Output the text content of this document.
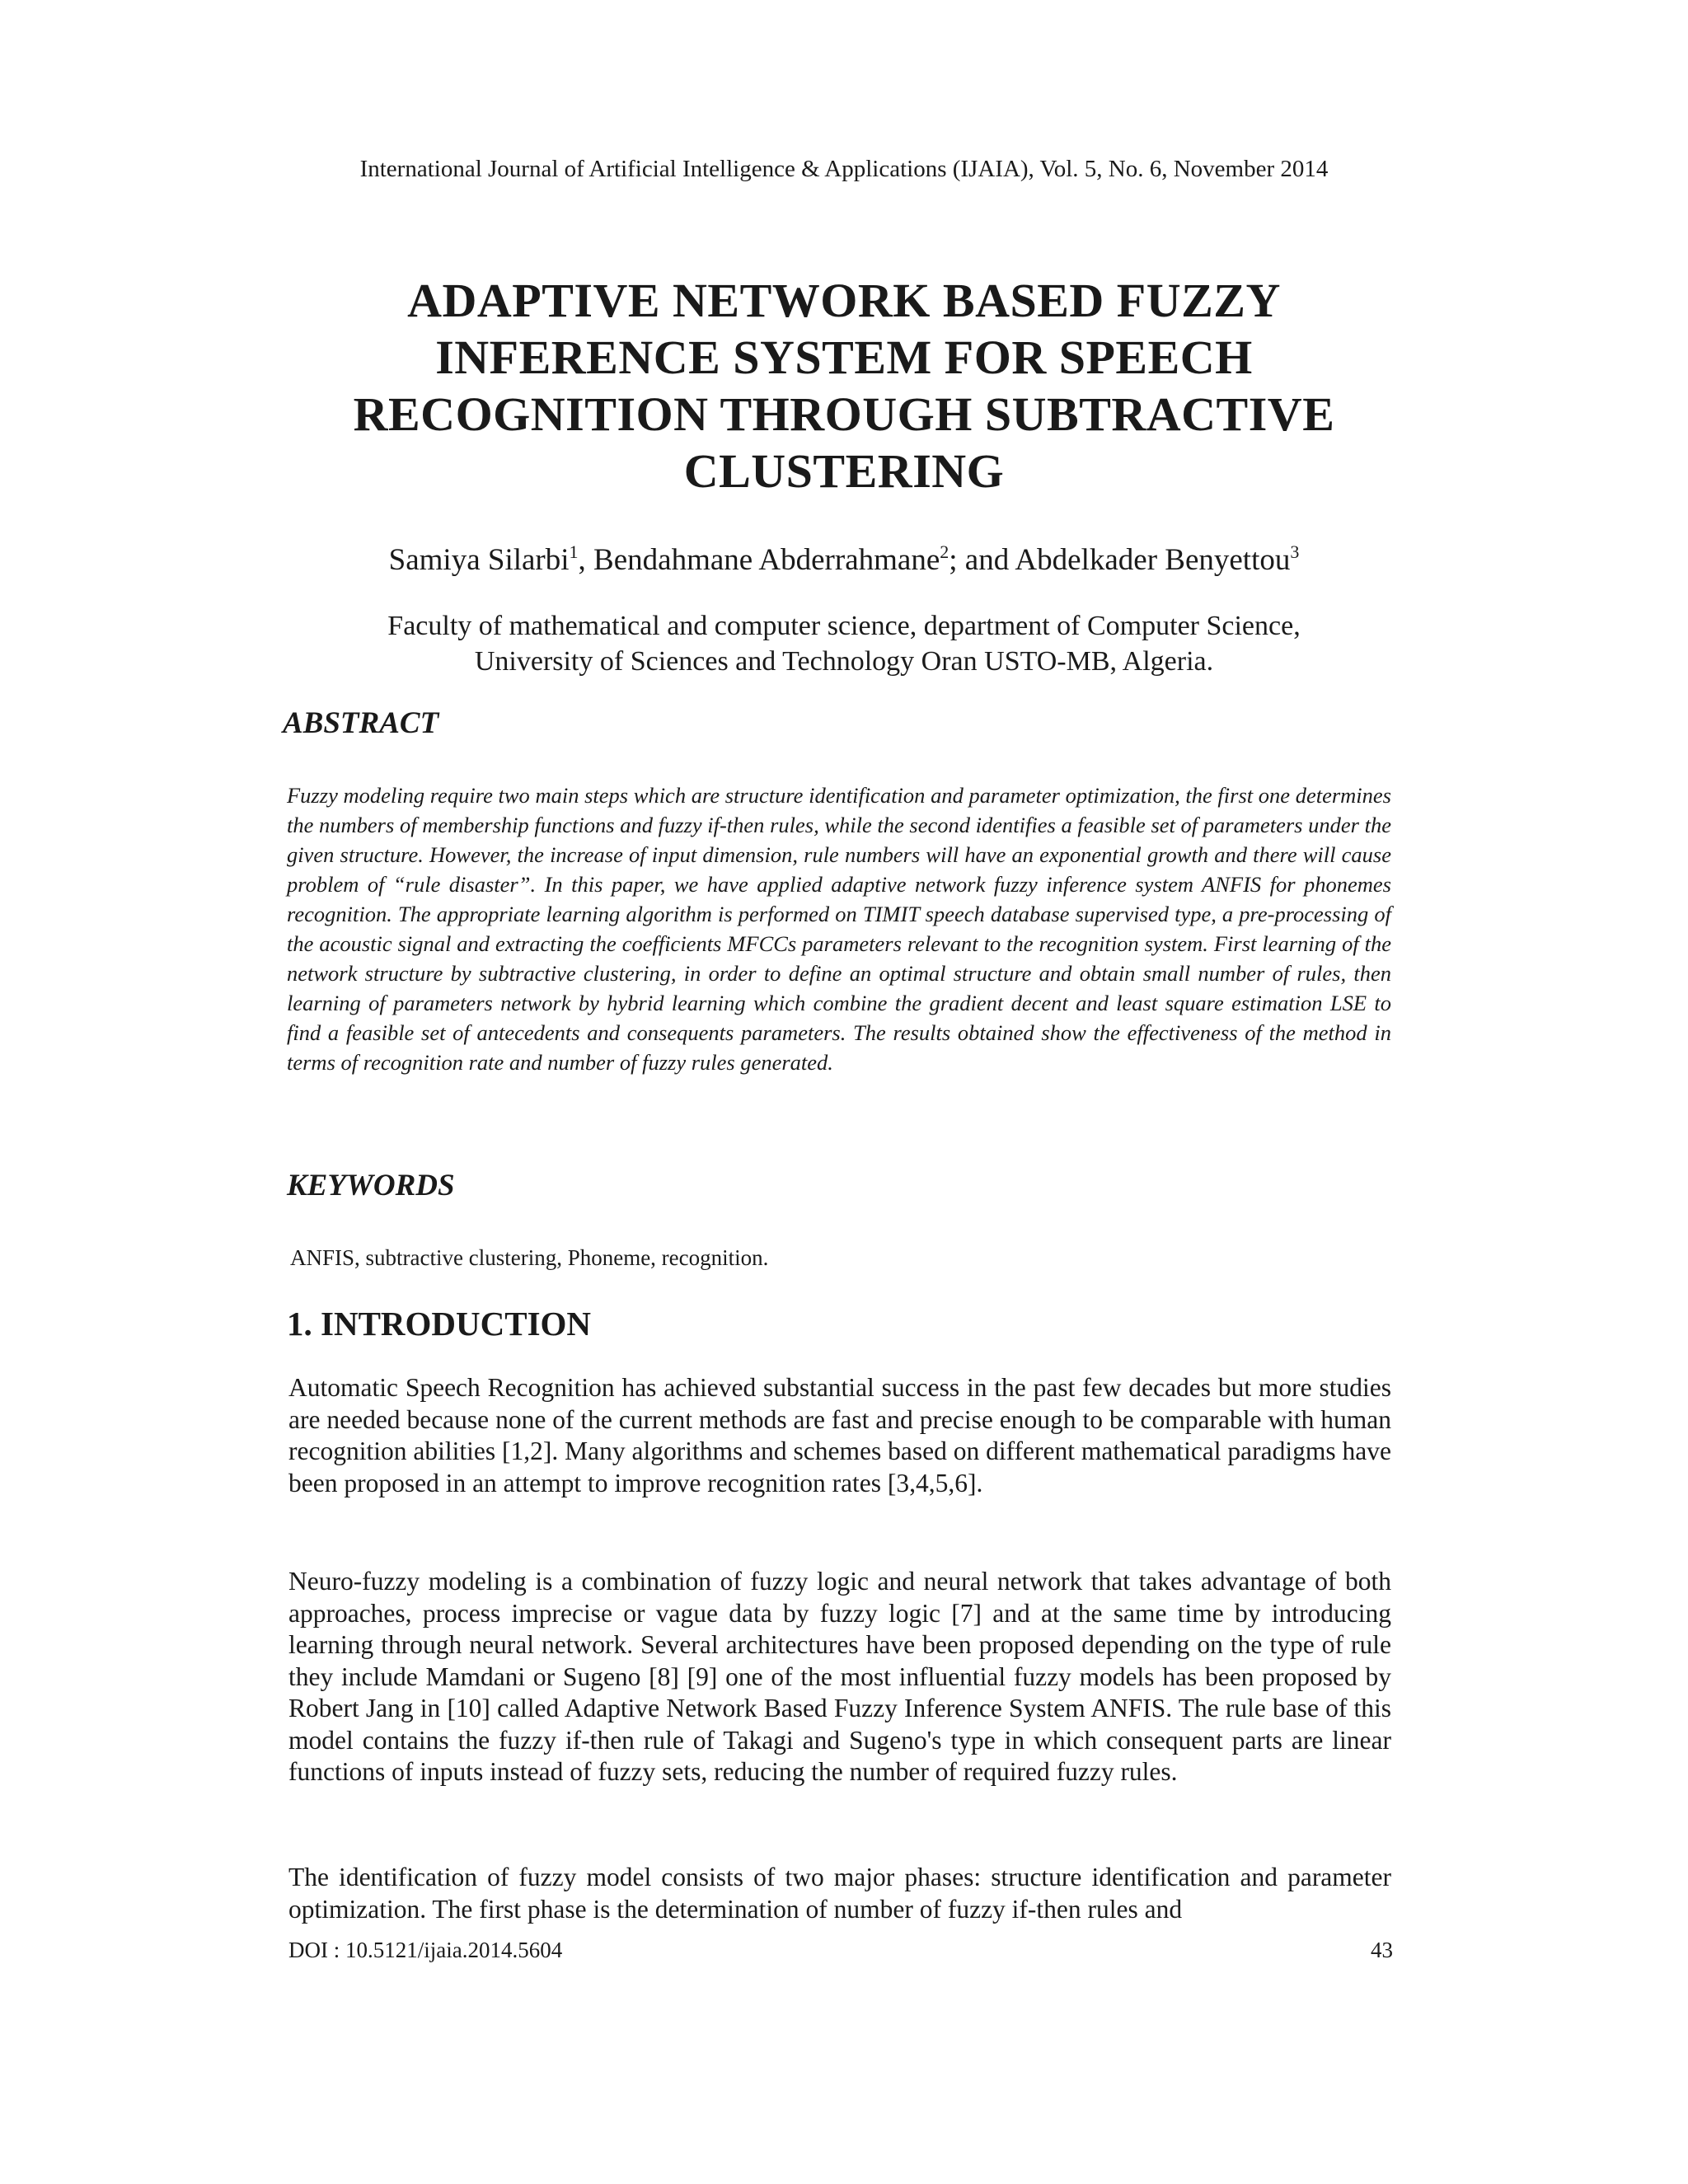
International Journal of Artificial Intelligence & Applications (IJAIA), Vol. 5, No. 6, November 2014
ADAPTIVE NETWORK BASED FUZZY
INFERENCE SYSTEM FOR SPEECH
RECOGNITION THROUGH SUBTRACTIVE
CLUSTERING
Samiya Silarbi$^1$, Bendahmane Abderrahmane$^2$; and Abdelkader Benyettou$^3$
Faculty of mathematical and computer science, department of Computer Science,
University of Sciences and Technology Oran USTO-MB, Algeria.
ABSTRACT
Fuzzy modeling require two main steps which are structure identification and parameter optimization, the first one determines the numbers of membership functions and fuzzy if-then rules, while the second identifies a feasible set of parameters under the given structure. However, the increase of input dimension, rule numbers will have an exponential growth and there will cause problem of “rule disaster”. In this paper, we have applied adaptive network fuzzy inference system ANFIS for phonemes recognition. The appropriate learning algorithm is performed on TIMIT speech database supervised type, a pre-processing of the acoustic signal and extracting the coefficients MFCCs parameters relevant to the recognition system. First learning of the network structure by subtractive clustering, in order to define an optimal structure and obtain small number of rules, then learning of parameters network by hybrid learning which combine the gradient decent and least square estimation LSE to find a feasible set of antecedents and consequents parameters. The results obtained show the effectiveness of the method in terms of recognition rate and number of fuzzy rules generated.
KEYWORDS
ANFIS, subtractive clustering, Phoneme, recognition.
1. INTRODUCTION
Automatic Speech Recognition has achieved substantial success in the past few decades but more studies are needed because none of the current methods are fast and precise enough to be comparable with human recognition abilities [1,2]. Many algorithms and schemes based on different mathematical paradigms have been proposed in an attempt to improve recognition rates [3,4,5,6].
Neuro-fuzzy modeling is a combination of fuzzy logic and neural network that takes advantage of both approaches, process imprecise or vague data by fuzzy logic [7] and at the same time by introducing learning through neural network. Several architectures have been proposed depending on the type of rule they include Mamdani or Sugeno [8] [9] one of the most influential fuzzy models has been proposed by Robert Jang in [10] called Adaptive Network Based Fuzzy Inference System ANFIS. The rule base of this model contains the fuzzy if-then rule of Takagi and Sugeno's type in which consequent parts are linear functions of inputs instead of fuzzy sets, reducing the number of required fuzzy rules.
The identification of fuzzy model consists of two major phases: structure identification and parameter optimization. The first phase is the determination of number of fuzzy if-then rules and
DOI : 10.5121/ijaia.2014.5604	43
